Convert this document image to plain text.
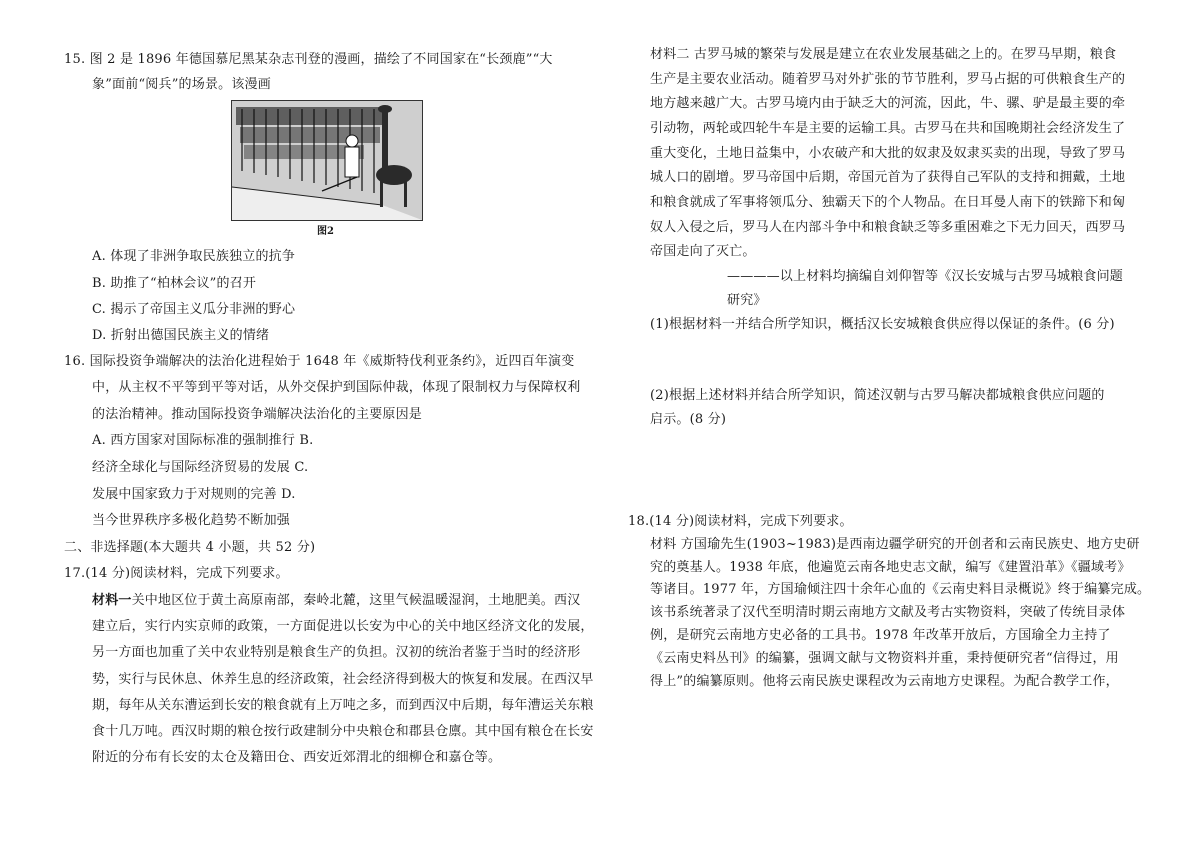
15. 图 2 是 1896 年德国慕尼黑某杂志刊登的漫画，描绘了不同国家在“长颈鹿”“大
象”面前“阅兵”的场景。该漫画
图2
A. 体现了非洲争取民族独立的抗争
B. 助推了“柏林会议”的召开
C. 揭示了帝国主义瓜分非洲的野心
D. 折射出德国民族主义的情绪
16. 国际投资争端解决的法治化进程始于 1648 年《威斯特伐利亚条约》，近四百年演变
中，从主权不平等到平等对话，从外交保护到国际仲裁，体现了限制权力与保障权利
的法治精神。推动国际投资争端解决法治化的主要原因是
A. 西方国家对国际标准的强制推行 B.
经济全球化与国际经济贸易的发展 C.
发展中国家致力于对规则的完善 D.
当今世界秩序多极化趋势不断加强
二、非选择题(本大题共 4 小题，共 52 分)
17.(14 分)阅读材料，完成下列要求。
材料一关中地区位于黄土高原南部，秦岭北麓，这里气候温暖湿润，土地肥美。西汉
建立后，实行内实京师的政策，一方面促进以长安为中心的关中地区经济文化的发展，
另一方面也加重了关中农业特别是粮食生产的负担。汉初的统治者鉴于当时的经济形
势，实行与民休息、休养生息的经济政策，社会经济得到极大的恢复和发展。在西汉早
期，每年从关东漕运到长安的粮食就有上万吨之多，而到西汉中后期，每年漕运关东粮
食十几万吨。西汉时期的粮仓按行政建制分中央粮仓和郡县仓廪。其中国有粮仓在长安
附近的分布有长安的太仓及籍田仓、西安近郊渭北的细柳仓和嘉仓等。
材料二 古罗马城的繁荣与发展是建立在农业发展基础之上的。在罗马早期，粮食
生产是主要农业活动。随着罗马对外扩张的节节胜利，罗马占据的可供粮食生产的
地方越来越广大。古罗马境内由于缺乏大的河流，因此，牛、骡、驴是最主要的牵
引动物，两轮或四轮牛车是主要的运输工具。古罗马在共和国晚期社会经济发生了
重大变化，土地日益集中，小农破产和大批的奴隶及奴隶买卖的出现，导致了罗马
城人口的剧增。罗马帝国中后期，帝国元首为了获得自己军队的支持和拥戴，土地
和粮食就成了军事将领瓜分、独霸天下的个人物品。在日耳曼人南下的铁蹄下和匈
奴人入侵之后，罗马人在内部斗争中和粮食缺乏等多重困难之下无力回天，西罗马
帝国走向了灭亡。
————以上材料均摘编自刘仰智等《汉长安城与古罗马城粮食问题
研究》
(1)根据材料一并结合所学知识，概括汉长安城粮食供应得以保证的条件。(6 分)
(2)根据上述材料并结合所学知识，简述汉朝与古罗马解决都城粮食供应问题的
启示。(8 分)
18.(14 分)阅读材料，完成下列要求。
材料 方国瑜先生(1903~1983)是西南边疆学研究的开创者和云南民族史、地方史研
究的奠基人。1938 年底，他遍览云南各地史志文献，编写《建置沿革》《疆域考》
等诸目。1977 年，方国瑜倾注四十余年心血的《云南史料目录概说》终于编纂完成。
该书系统著录了汉代至明清时期云南地方文献及考古实物资料，突破了传统目录体
例，是研究云南地方史必备的工具书。1978 年改革开放后，方国瑜全力主持了
《云南史料丛刊》的编纂，强调文献与文物资料并重，秉持便研究者“信得过，用
得上”的编纂原则。他将云南民族史课程改为云南地方史课程。为配合教学工作，
